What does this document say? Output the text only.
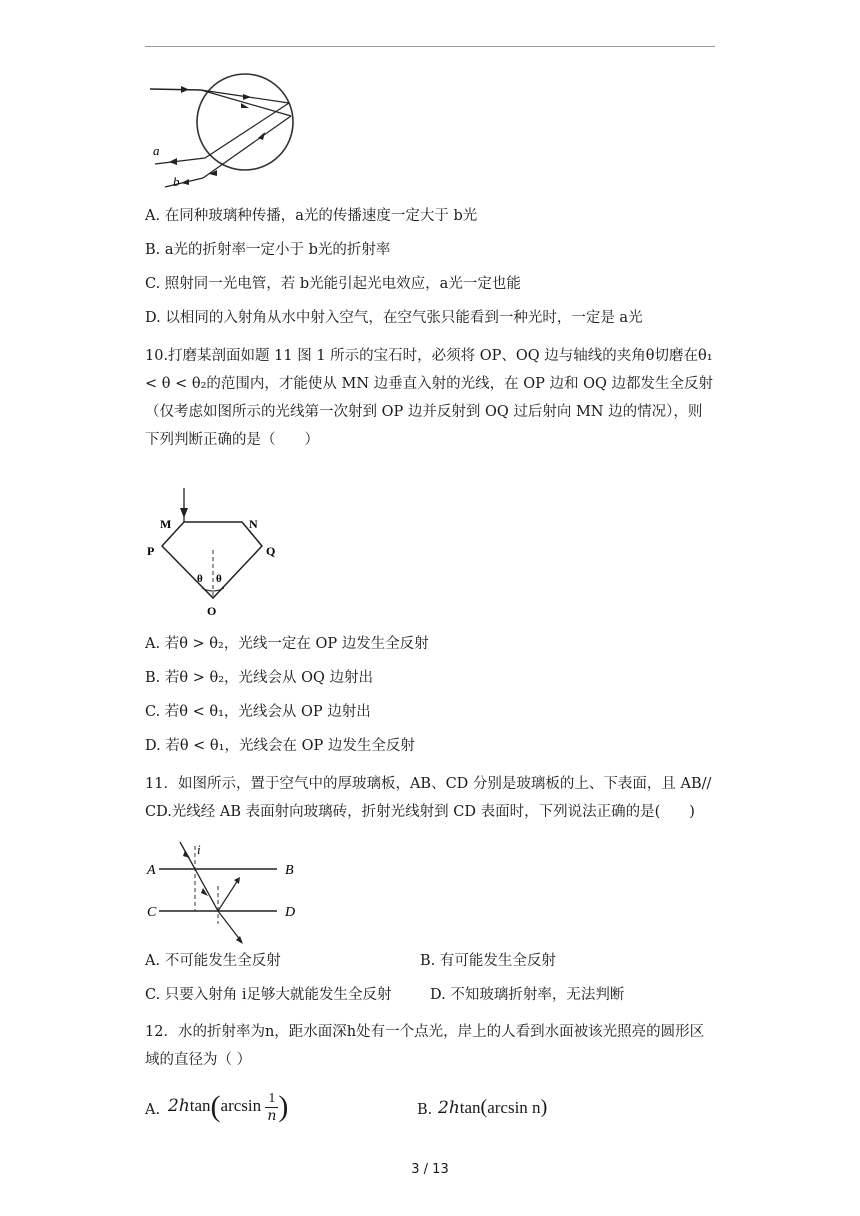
a
b
A. 在同种玻璃种传播，a光的传播速度一定大于 b光
B. a光的折射率一定小于 b光的折射率
C. 照射同一光电管，若 b光能引起光电效应，a光一定也能
D. 以相同的入射角从水中射入空气，在空气张只能看到一种光时，一定是 a光
10.打磨某剖面如题 11 图 1 所示的宝石时，必须将 OP、OQ 边与轴线的夹角θ切磨在θ₁ < θ < θ₂的范围内，才能使从 MN 边垂直入射的光线，在 OP 边和 OQ 边都发生全反射（仅考虑如图所示的光线第一次射到 OP 边并反射到 OQ 过后射向 MN 边的情况），则下列判断正确的是（　　）
M	N
P	Q
θ θ
O
A. 若θ > θ₂，光线一定在 OP 边发生全反射
B. 若θ > θ₂，光线会从 OQ 边射出
C. 若θ < θ₁，光线会从 OP 边射出
D. 若θ < θ₁，光线会在 OP 边发生全反射
11．如图所示，置于空气中的厚玻璃板，AB、CD 分别是玻璃板的上、下表面，且 AB// CD.光线经 AB 表面射向玻璃砖，折射光线射到 CD 表面时，下列说法正确的是(　　)
A	B
C	D
i
A. 不可能发生全反射	B. 有可能发生全反射
C. 只要入射角 i足够大就能发生全反射	D. 不知玻璃折射率，无法判断
12．水的折射率为n，距水面深h处有一个点光，岸上的人看到水面被该光照亮的圆形区域的直径为（ ）
A. $2htan(\arcsin \frac{1}{n}$ )	B. 2htan(arcsin n)
3 / 13
